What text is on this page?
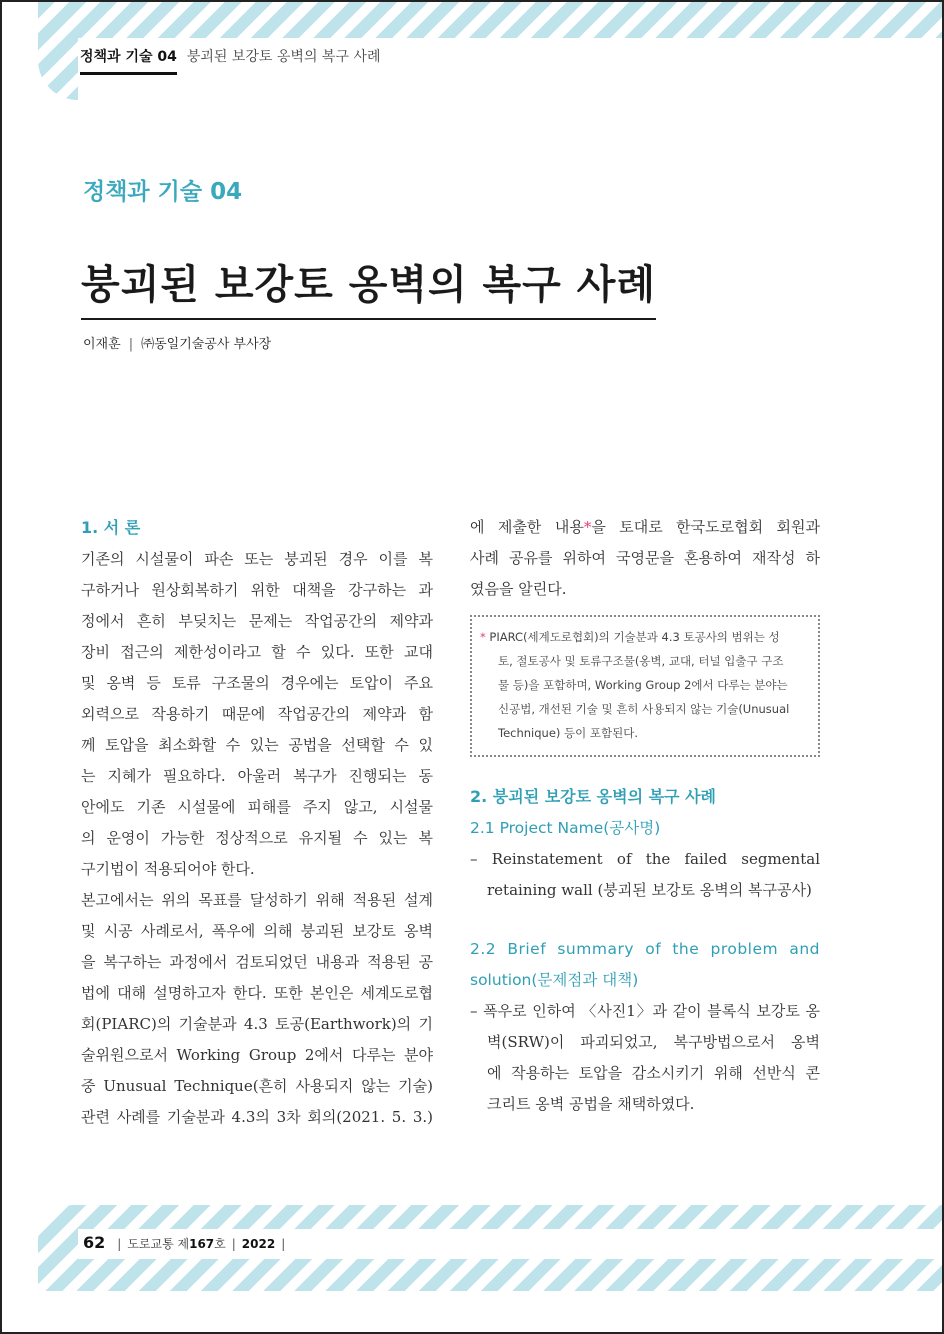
정책과 기술 04 붕괴된 보강토 옹벽의 복구 사례
정책과 기술 04
붕괴된 보강토 옹벽의 복구 사례
이재훈 | ㈜동일기술공사 부사장
1. 서 론
기존의 시설물이 파손 또는 붕괴된 경우 이를 복
구하거나 원상회복하기 위한 대책을 강구하는 과
정에서 흔히 부딪치는 문제는 작업공간의 제약과
장비 접근의 제한성이라고 할 수 있다. 또한 교대
및 옹벽 등 토류 구조물의 경우에는 토압이 주요
외력으로 작용하기 때문에 작업공간의 제약과 함
께 토압을 최소화할 수 있는 공법을 선택할 수 있
는 지혜가 필요하다. 아울러 복구가 진행되는 동
안에도 기존 시설물에 피해를 주지 않고, 시설물
의 운영이 가능한 정상적으로 유지될 수 있는 복
구기법이 적용되어야 한다.
본고에서는 위의 목표를 달성하기 위해 적용된 설계
및 시공 사례로서, 폭우에 의해 붕괴된 보강토 옹벽
을 복구하는 과정에서 검토되었던 내용과 적용된 공
법에 대해 설명하고자 한다. 또한 본인은 세계도로협
회(PIARC)의 기술분과 4.3 토공(Earthwork)의 기
술위원으로서 Working Group 2에서 다루는 분야
중 Unusual Technique(흔히 사용되지 않는 기술)
관련 사례를 기술분과 4.3의 3차 회의(2021. 5. 3.)
에 제출한 내용*을 토대로 한국도로협회 회원과
사례 공유를 위하여 국영문을 혼용하여 재작성 하
였음을 알린다.
* PIARC(세계도로협회)의 기술분과 4.3 토공사의 범위는 성
토, 절토공사 및 토류구조물(옹벽, 교대, 터널 입출구 구조
물 등)을 포함하며, Working Group 2에서 다루는 분야는
신공법, 개선된 기술 및 흔히 사용되지 않는 기술(Unusual
Technique) 등이 포함된다.
2. 붕괴된 보강토 옹벽의 복구 사례
2.1 Project Name(공사명)
– Reinstatement of the failed segmental
retaining wall (붕괴된 보강토 옹벽의 복구공사)
2.2 Brief summary of the problem and
solution(문제점과 대책)
– 폭우로 인하여 〈사진1〉과 같이 블록식 보강토 옹
벽(SRW)이 파괴되었고, 복구방법으로서 옹벽
에 작용하는 토압을 감소시키기 위해 선반식 콘
크리트 옹벽 공법을 채택하였다.
62 | 도로교통 제 167 호 | 2022 |
